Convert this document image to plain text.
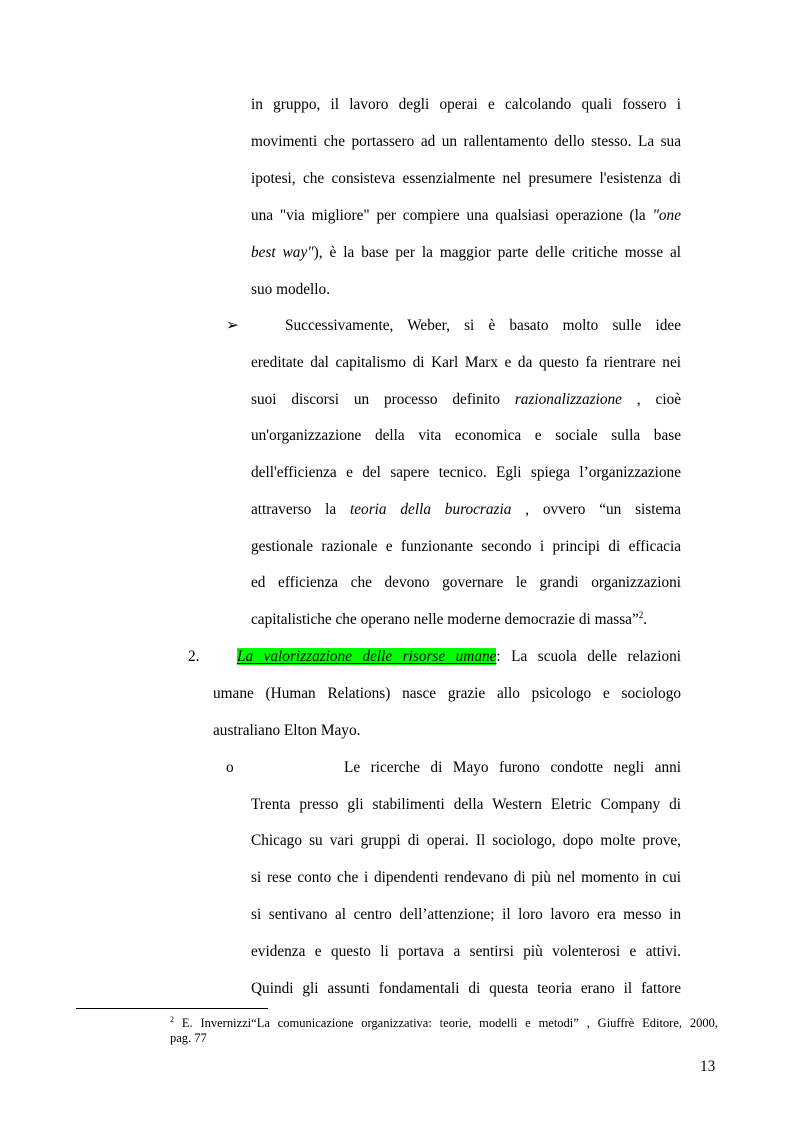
in gruppo, il lavoro degli operai e calcolando quali fossero i
movimenti che portassero ad un rallentamento dello stesso. La sua
ipotesi, che consisteva essenzialmente nel presumere l'esistenza di
una "via migliore" per compiere una qualsiasi operazione (la "one
best way"), è la base per la maggior parte delle critiche mosse al
suo modello.
➢	Successivamente, Weber, si è basato molto sulle idee
ereditate dal capitalismo di Karl Marx e da questo fa rientrare nei
suoi discorsi un processo definito razionalizzazione , cioè
un'organizzazione della vita economica e sociale sulla base
dell'efficienza e del sapere tecnico. Egli spiega l’organizzazione
attraverso la teoria della burocrazia , ovvero “un sistema
gestionale razionale e funzionante secondo i principi di efficacia
ed efficienza che devono governare le grandi organizzazioni
capitalistiche che operano nelle moderne democrazie di massa”$^2$.
2. La valorizzazione delle risorse umane: La scuola delle relazioni
umane (Human Relations) nasce grazie allo psicologo e sociologo
australiano Elton Mayo.
o	Le ricerche di Mayo furono condotte negli anni
Trenta presso gli stabilimenti della Western Eletric Company di
Chicago su vari gruppi di operai. Il sociologo, dopo molte prove,
si rese conto che i dipendenti rendevano di più nel momento in cui
si sentivano al centro dell’attenzione; il loro lavoro era messo in
evidenza e questo li portava a sentirsi più volenterosi e attivi.
Quindi gli assunti fondamentali di questa teoria erano il fattore
$^2$ E. Invernizzi“La comunicazione organizzativa: teorie, modelli e metodi” , Giuffrè Editore, 2000,
pag. 77
13
